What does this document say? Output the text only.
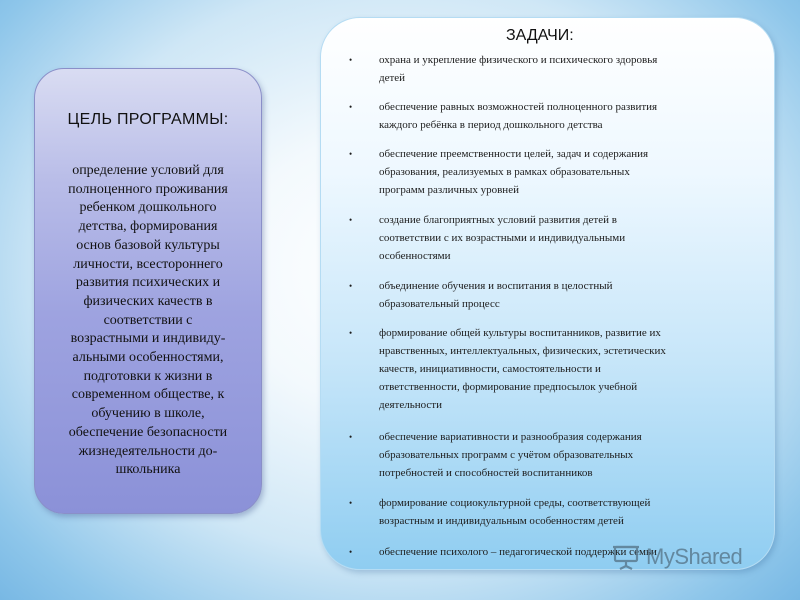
ЦЕЛЬ ПРОГРАММЫ:
определение условий для
полноценного проживания
ребенком дошкольного
детства, формирования
основ базовой культуры
личности, всестороннего
развития психических и
физических качеств в
соответствии с
возрастными и индивиду-
альными особенностями,
подготовки к жизни в
современном обществе, к
обучению в школе,
обеспечение безопасности
жизнедеятельности до-
школьника
ЗАДАЧИ:
•	охрана и укрепление физического и психического здоровья
детей
•	обеспечение равных возможностей полноценного развития
каждого ребёнка в период дошкольного детства
•	обеспечение преемственности целей, задач и содержания
образования, реализуемых в рамках образовательных
программ различных уровней
•	создание благоприятных условий развития детей в
соответствии с их возрастными и индивидуальными
особенностями
•	объединение обучения и воспитания в целостный
образовательный процесс
•	формирование общей культуры воспитанников, развитие их
нравственных, интеллектуальных, физических, эстетических
качеств, инициативности, самостоятельности и
ответственности, формирование предпосылок учебной
деятельности
•	обеспечение вариативности и разнообразия содержания
образовательных программ с учётом образовательных
потребностей и способностей воспитанников
•	формирование социокультурной среды, соответствующей
возрастным и индивидуальным особенностям детей
•	обеспечение психолого – педагогической поддержки семьи
MyShared
